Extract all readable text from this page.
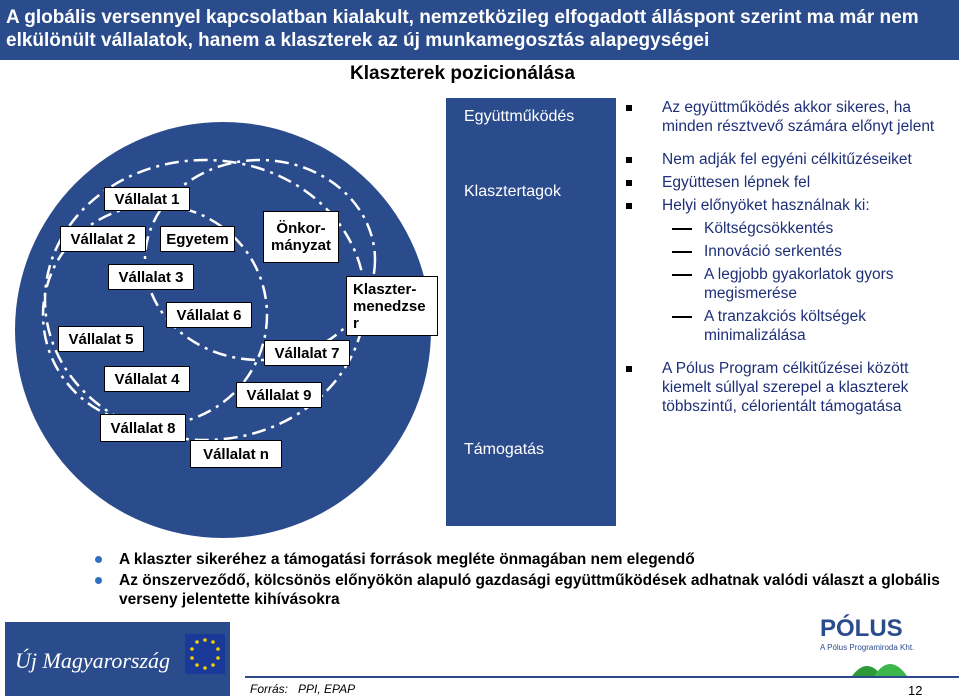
A globális versennyel kapcsolatban kialakult, nemzetközileg elfogadott álláspont szerint ma már nem elkülönült vállalatok, hanem a klaszterek az új munkamegosztás alapegységei
Klaszterek pozicionálása
Vállalat 1
Vállalat 2	Egyetem
Önkor-mányzat
Vállalat 3
Vállalat 6
Vállalat 5
Vállalat 7
Vállalat 4
Vállalat 9
Vállalat 8
Vállalat n
Klaszter-menedzse r
Együttműködés
Klasztertagok
Támogatás
Az együttműködés akkor sikeres, ha minden résztvevő számára előnyt jelent
Nem adják fel egyéni célkitűzéseiket
Együttesen lépnek fel
Helyi előnyöket használnak ki:
Költségcsökkentés
Innováció serkentés
A legjobb gyakorlatok gyors megismerése
A tranzakciós költségek minimalizálása
A Pólus Program célkitűzései között kiemelt súllyal szerepel a klaszterek többszintű, célorientált támogatása
A klaszter sikeréhez a támogatási források megléte önmagában nem elegendő
Az önszerveződő, kölcsönös előnyökön alapuló gazdasági együttműködések adhatnak valódi választ a globális verseny jelentette kihívásokra
Új Magyarország
PÓLUS
A Pólus Programiroda Kht.
Forrás: PPI, EPAP	12
